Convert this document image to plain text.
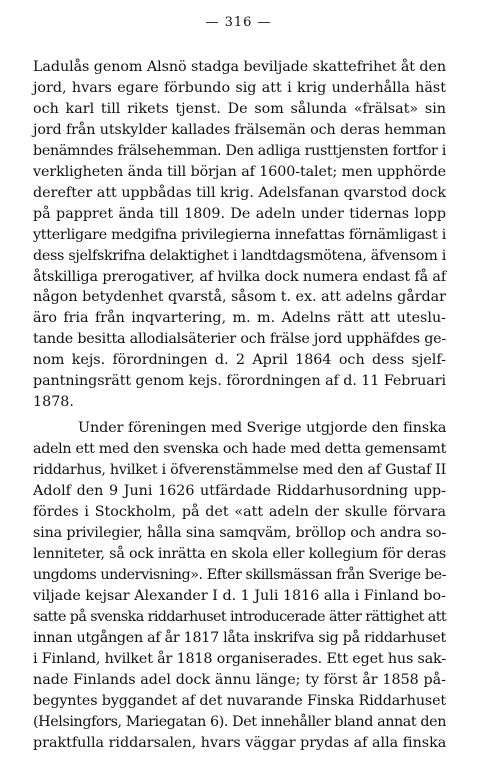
— 316 —
Ladulås genom Alsnö stadga beviljade skattefrihet åt den
jord, hvars egare förbundo sig att i krig underhålla häst
och karl till rikets tjenst. De som sålunda «frälsat» sin
jord från utskylder kallades frälsemän och deras hemman
benämndes frälsehemman. Den adliga rusttjensten fortfor i
verkligheten ända till början af 1600-talet; men upphörde
derefter att uppbådas till krig. Adelsfanan qvarstod dock
på pappret ända till 1809. De adeln under tidernas lopp
ytterligare medgifna privilegierna innefattas förnämligast i
dess sjelfskrifna delaktighet i landtdagsmötena, äfvensom i
åtskilliga prerogativer, af hvilka dock numera endast få af
någon betydenhet qvarstå, såsom t. ex. att adelns gårdar
äro fria från inqvartering, m. m. Adelns rätt att uteslu-
tande besitta allodialsäterier och frälse jord upphäfdes ge-
nom kejs. förordningen d. 2 April 1864 och dess sjelf-
pantningsrätt genom kejs. förordningen af d. 11 Februari
1878.
Under föreningen med Sverige utgjorde den finska
adeln ett med den svenska och hade med detta gemensamt
riddarhus, hvilket i öfverenstämmelse med den af Gustaf II
Adolf den 9 Juni 1626 utfärdade Riddarhusordning upp-
fördes i Stockholm, på det «att adeln der skulle förvara
sina privilegier, hålla sina samqväm, bröllop och andra so-
lenniteter, så ock inrätta en skola eller kollegium för deras
ungdoms undervisning». Efter skillsmässan från Sverige be-
viljade kejsar Alexander I d. 1 Juli 1816 alla i Finland bo-
satte på svenska riddarhuset introducerade ätter rättighet att
innan utgången af år 1817 låta inskrifva sig på riddarhuset
i Finland, hvilket år 1818 organiserades. Ett eget hus sak-
nade Finlands adel dock ännu länge; ty först år 1858 på-
begyntes byggandet af det nuvarande Finska Riddarhuset
(Helsingfors, Mariegatan 6). Det innehåller bland annat den
praktfulla riddarsalen, hvars väggar prydas af alla finska
